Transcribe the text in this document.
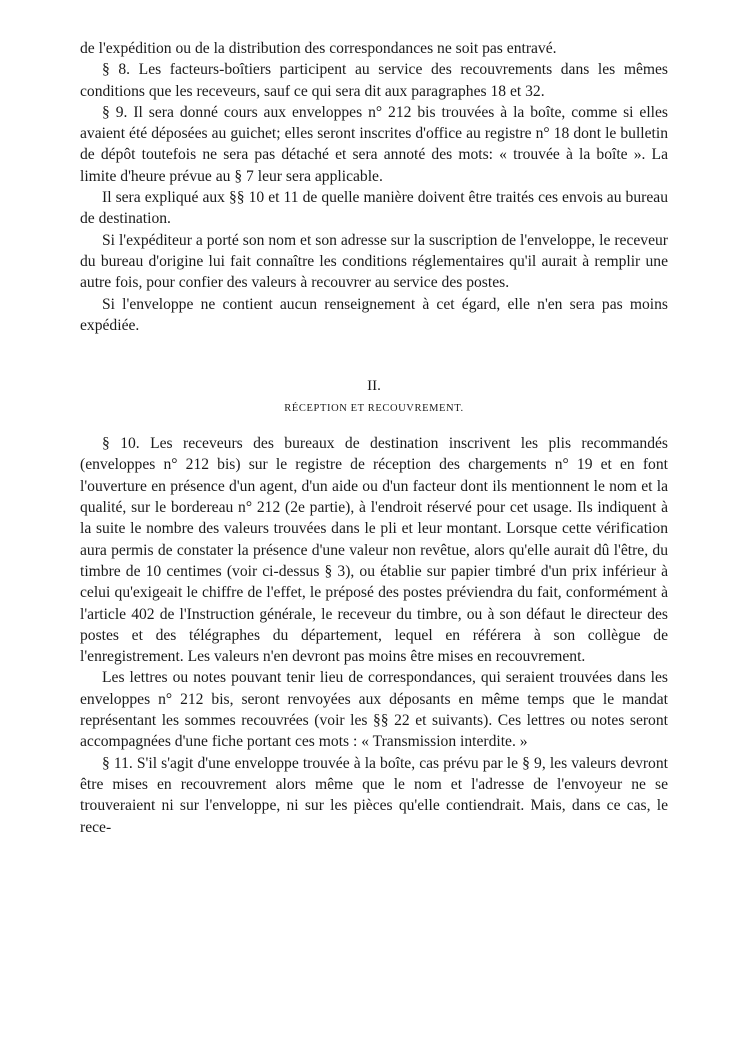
de l'expédition ou de la distribution des correspondances ne soit pas entravé.

§ 8. Les facteurs-boîtiers participent au service des recouvrements dans les mêmes conditions que les receveurs, sauf ce qui sera dit aux paragraphes 18 et 32.

§ 9. Il sera donné cours aux enveloppes n° 212 bis trouvées à la boîte, comme si elles avaient été déposées au guichet; elles seront inscrites d'office au registre n° 18 dont le bulletin de dépôt toutefois ne sera pas détaché et sera annoté des mots: « trouvée à la boîte ». La limite d'heure prévue au § 7 leur sera applicable.

Il sera expliqué aux §§ 10 et 11 de quelle manière doivent être traités ces envois au bureau de destination.

Si l'expéditeur a porté son nom et son adresse sur la suscription de l'enveloppe, le receveur du bureau d'origine lui fait connaître les conditions réglementaires qu'il aurait à remplir une autre fois, pour confier des valeurs à recouvrer au service des postes.

Si l'enveloppe ne contient aucun renseignement à cet égard, elle n'en sera pas moins expédiée.

II.
RÉCEPTION ET RECOUVREMENT.

§ 10. Les receveurs des bureaux de destination inscrivent les plis recommandés (enveloppes n° 212 bis) sur le registre de réception des chargements n° 19 et en font l'ouverture en présence d'un agent, d'un aide ou d'un facteur dont ils mentionnent le nom et la qualité, sur le bordereau n° 212 (2e partie), à l'endroit réservé pour cet usage. Ils indiquent à la suite le nombre des valeurs trouvées dans le pli et leur montant. Lorsque cette vérification aura permis de constater la présence d'une valeur non revêtue, alors qu'elle aurait dû l'être, du timbre de 10 centimes (voir ci-dessus § 3), ou établie sur papier timbré d'un prix inférieur à celui qu'exigeait le chiffre de l'effet, le préposé des postes préviendra du fait, conformément à l'article 402 de l'Instruction générale, le receveur du timbre, ou à son défaut le directeur des postes et des télégraphes du département, lequel en référera à son collègue de l'enregistrement. Les valeurs n'en devront pas moins être mises en recouvrement.

Les lettres ou notes pouvant tenir lieu de correspondances, qui seraient trouvées dans les enveloppes n° 212 bis, seront renvoyées aux déposants en même temps que le mandat représentant les sommes recouvrées (voir les §§ 22 et suivants). Ces lettres ou notes seront accompagnées d'une fiche portant ces mots : « Transmission interdite. »

§ 11. S'il s'agit d'une enveloppe trouvée à la boîte, cas prévu par le § 9, les valeurs devront être mises en recouvrement alors même que le nom et l'adresse de l'envoyeur ne se trouveraient ni sur l'enveloppe, ni sur les pièces qu'elle contiendrait. Mais, dans ce cas, le rece-
